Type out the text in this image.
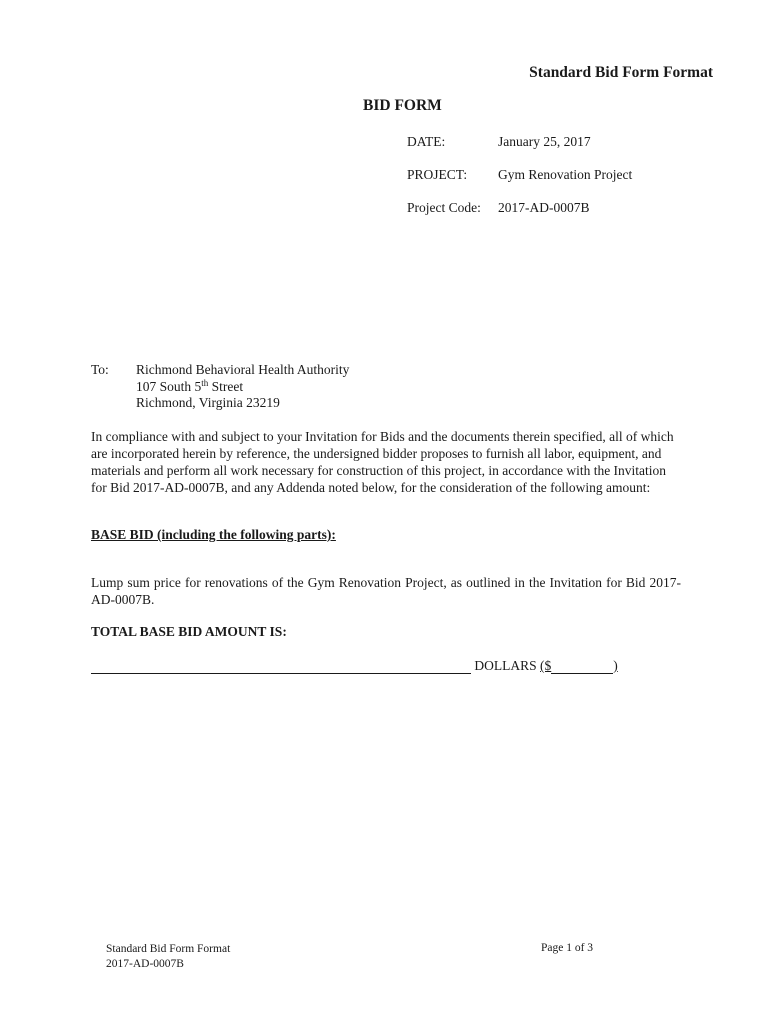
Standard Bid Form Format
BID FORM
DATE:	January 25, 2017
PROJECT: Gym Renovation Project
Project Code: 2017-AD-0007B
To: Richmond Behavioral Health Authority
107 South 5th Street
Richmond, Virginia 23219
In compliance with and subject to your Invitation for Bids and the documents therein specified, all of which are incorporated herein by reference, the undersigned bidder proposes to furnish all labor, equipment, and materials and perform all work necessary for construction of this project, in accordance with the Invitation for Bid 2017-AD-0007B, and any Addenda noted below, for the consideration of the following amount:
BASE BID (including the following parts):
Lump sum price for renovations of the Gym Renovation Project, as outlined in the Invitation for Bid 2017-AD-0007B.
TOTAL BASE BID AMOUNT IS:
DOLLARS ($	)
Standard Bid Form Format
2017-AD-0007B
Page 1 of 3
